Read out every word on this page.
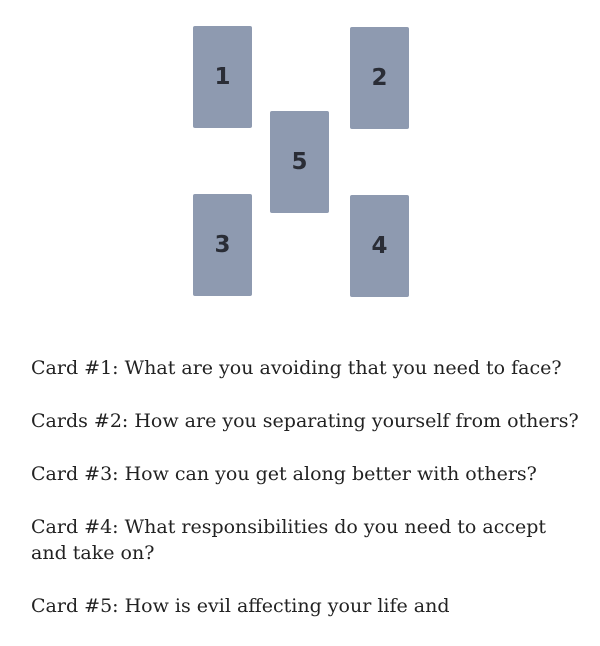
1	2
5
3	4
Card #1: What are you avoiding that you need to face?
Cards #2: How are you separating yourself from others?
Card #3: How can you get along better with others?
Card #4: What responsibilities do you need to accept and take on?
Card #5: How is evil affecting your life and
